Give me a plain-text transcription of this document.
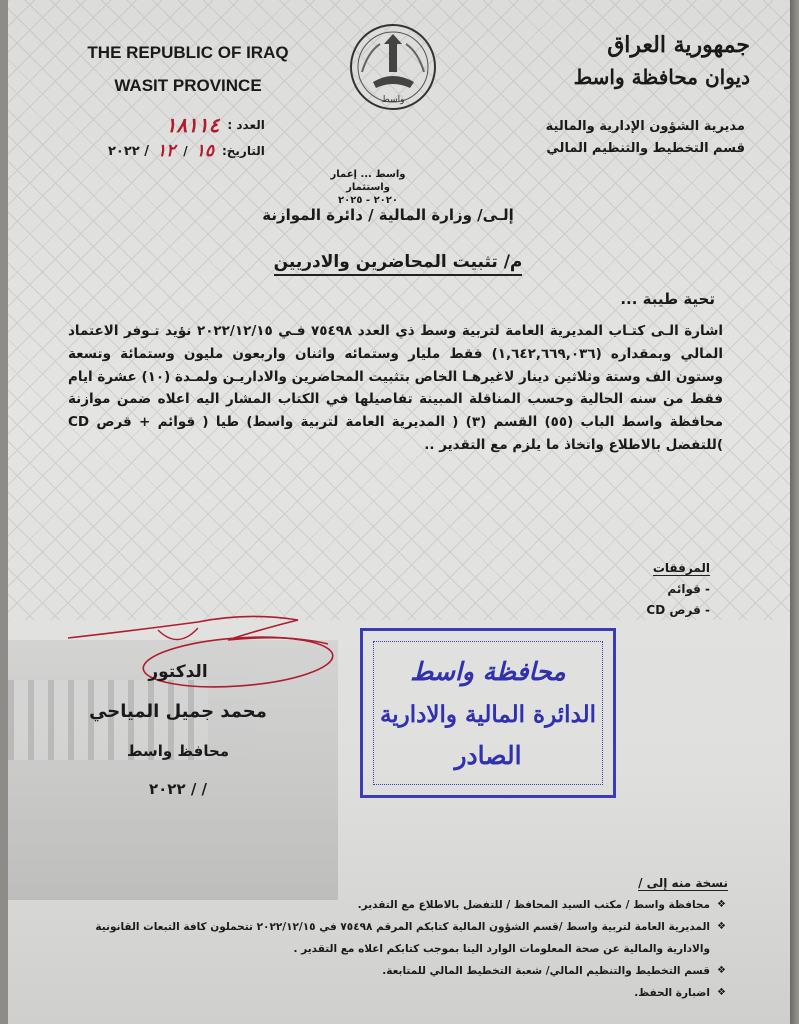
THE REPUBLIC OF IRAQ
WASIT PROVINCE
واسط
جمهورية العراق
ديوان محافظة واسط
مديرية الشؤون الإدارية والمالية
قسم التخطيط والتنظيم المالي
العدد :
١٨١١٤
التاريخ:
١٥
/
١٢
/ ٢٠٢٢
واسط ... إعمار واستثمار
٢٠٢٠ - ٢٠٢٥
إلـى/ وزارة المالية / دائرة الموازنة
م/ تثبيت المحاضرين والادريين
تحية طيبة ...
اشارة الـى كتـاب المديرية العامة لتربية وسط ذي العدد ٧٥٤٩٨ فـي ٢٠٢٢/١٢/١٥ نؤيد تـوفر الاعتماد المالي وبمقداره (١,٦٤٢,٦٦٩,٠٣٦) فقط مليار وستمائه واثنان واربعون مليون وستمائة وتسعة وستون الف وستة وثلاثين دينار لاغيرهـا الخاص بتثبيت المحاضرين والاداريـن ولمـدة (١٠) عشرة ايام فقط من سنه الحالية وحسب المناقلة المبينة تفاصيلها في الكتاب المشار اليه اعلاه ضمن موازنة محافظة واسط الباب (٥٥) القسم (٣) ( المديرية العامة لتربية واسط) طيا ( قوائم + قرص CD )للتفضل بالاطلاع واتخاذ ما يلزم مع التقدير ..
المرفقات
- قوائم
- قرص CD
الدكتور
محمد جميل المياحي
محافظ واسط
/ / ٢٠٢٢
محافظة واسط
الدائرة المالية والادارية
الصادر
نسخة منه إلى /
❖ محافظة واسط / مكتب السيد المحافظ / للتفضل بالاطلاع مع التقدير.
❖ المديرية العامة لتربية واسط /قسم الشؤون المالية كتابكم المرقم ٧٥٤٩٨ في ٢٠٢٢/١٢/١٥ تتحملون كافة التبعات القانونية والادارية والمالية عن صحة المعلومات الوارد الينا بموجب كتابكم اعلاه مع التقدير .
❖ قسم التخطيط والتنظيم المالي/ شعبة التخطيط المالي للمتابعة.
❖ اضبارة الحفظ.
